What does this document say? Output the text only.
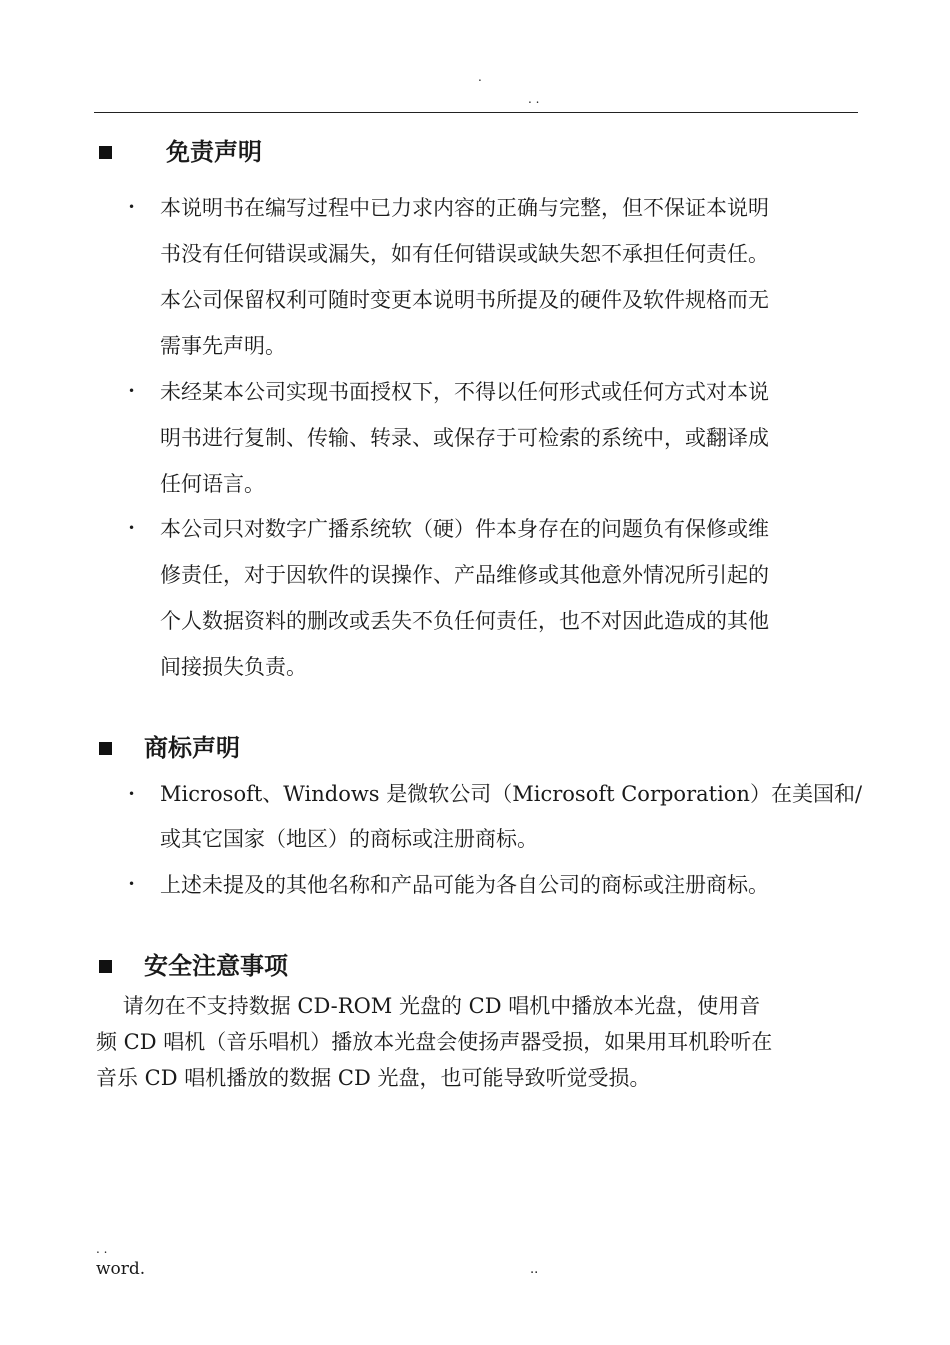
.
. .
免责声明
• 本说明书在编写过程中已力求内容的正确与完整，但不保证本说明
书没有任何错误或漏失，如有任何错误或缺失恕不承担任何责任。
本公司保留权利可随时变更本说明书所提及的硬件及软件规格而无
需事先声明。
• 未经某本公司实现书面授权下，不得以任何形式或任何方式对本说
明书进行复制、传输、转录、或保存于可检索的系统中，或翻译成
任何语言。
• 本公司只对数字广播系统软（硬）件本身存在的问题负有保修或维
修责任，对于因软件的误操作、产品维修或其他意外情况所引起的
个人数据资料的删改或丢失不负任何责任，也不对因此造成的其他
间接损失负责。
商标声明
• Microsoft、Windows 是微软公司（Microsoft Corporation）在美国和/
或其它国家（地区）的商标或注册商标。
• 上述未提及的其他名称和产品可能为各自公司的商标或注册商标。
安全注意事项
请勿在不支持数据 CD-ROM 光盘的 CD 唱机中播放本光盘，使用音
频 CD 唱机（音乐唱机）播放本光盘会使扬声器受损，如果用耳机聆听在
音乐 CD 唱机播放的数据 CD 光盘，也可能导致听觉受损。
. .
word.	..
